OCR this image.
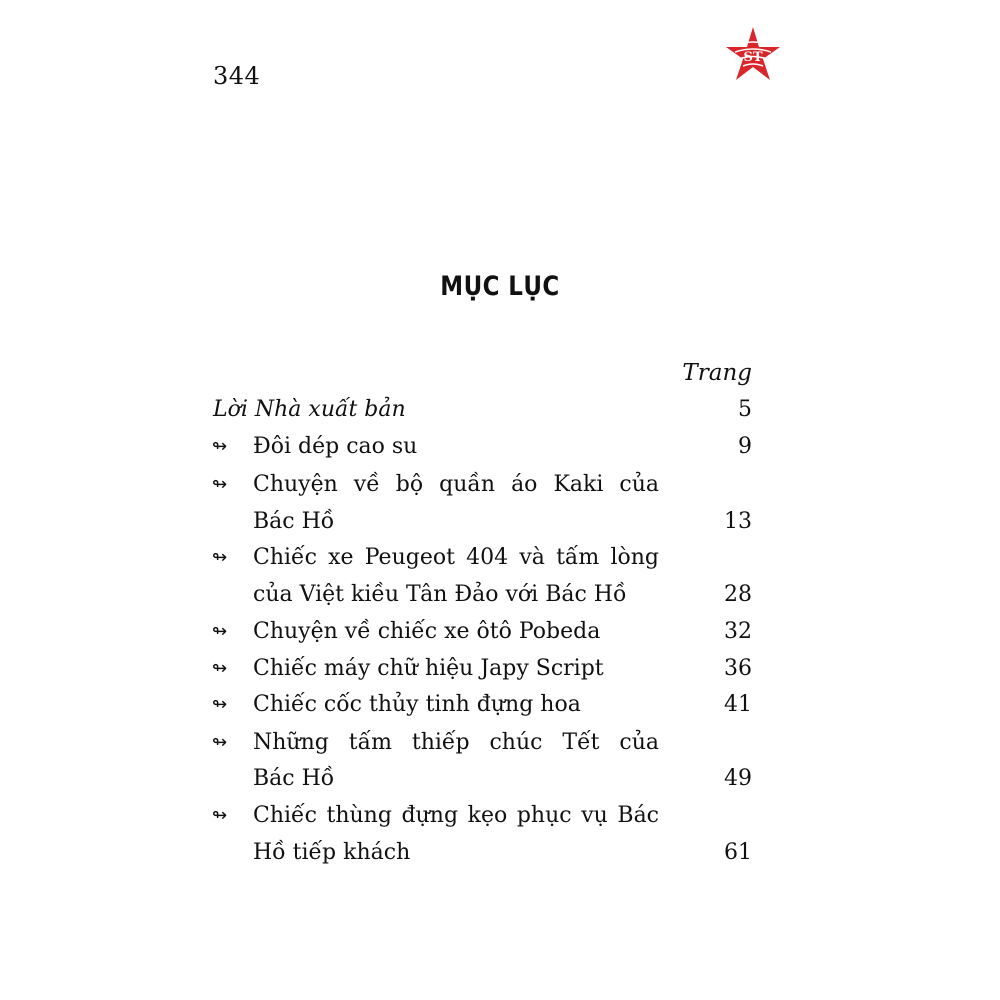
344
ST
MỤC LỤC
Trang
Lời Nhà xuất bản	5
↬	Đôi dép cao su	9
↬	Chuyện về bộ quần áo Kaki của
Bác Hồ	13
↬	Chiếc xe Peugeot 404 và tấm lòng
của Việt kiều Tân Đảo với Bác Hồ	28
↬	Chuyện về chiếc xe ôtô Pobeda	32
↬	Chiếc máy chữ hiệu Japy Script	36
↬	Chiếc cốc thủy tinh đựng hoa	41
↬	Những tấm thiếp chúc Tết của
Bác Hồ	49
↬	Chiếc thùng đựng kẹo phục vụ Bác
Hồ tiếp khách	61
